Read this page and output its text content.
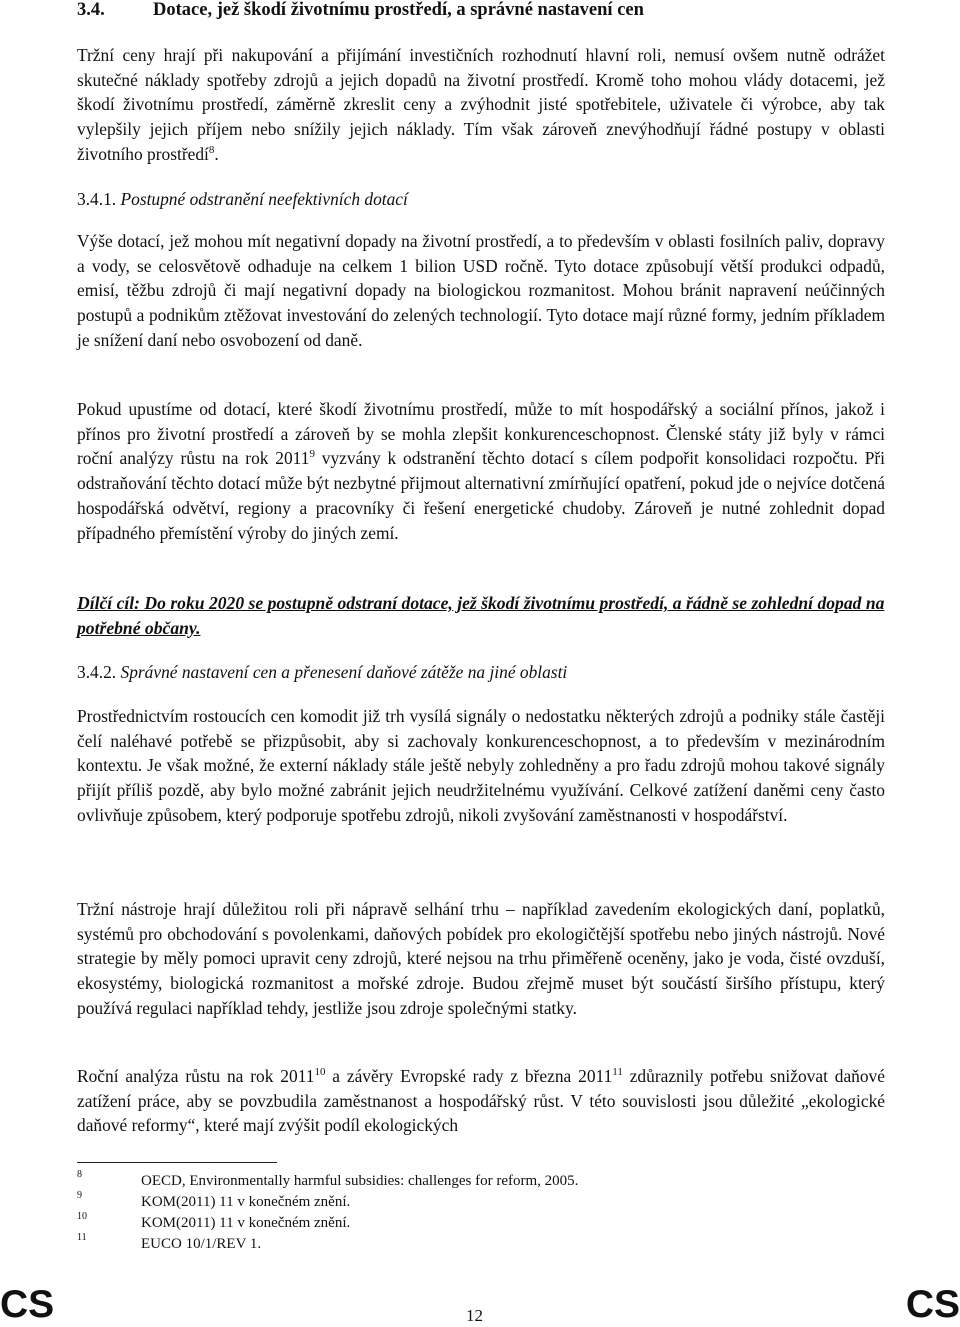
3.4.	Dotace, jež škodí životnímu prostředí, a správné nastavení cen

Tržní ceny hrají při nakupování a přijímání investičních rozhodnutí hlavní roli, nemusí ovšem nutně odrážet skutečné náklady spotřeby zdrojů a jejich dopadů na životní prostředí. Kromě toho mohou vlády dotacemi, jež škodí životnímu prostředí, záměrně zkreslit ceny a zvýhodnit jisté spotřebitele, uživatele či výrobce, aby tak vylepšily jejich příjem nebo snížily jejich náklady. Tím však zároveň znevýhodňují řádné postupy v oblasti životního prostředí$^8$.

3.4.1. Postupné odstranění neefektivních dotací

Výše dotací, jež mohou mít negativní dopady na životní prostředí, a to především v oblasti fosilních paliv, dopravy a vody, se celosvětově odhaduje na celkem 1 bilion USD ročně. Tyto dotace způsobují větší produkci odpadů, emisí, těžbu zdrojů či mají negativní dopady na biologickou rozmanitost. Mohou bránit napravení neúčinných postupů a podnikům ztěžovat investování do zelených technologií. Tyto dotace mají různé formy, jedním příkladem je snížení daní nebo osvobození od daně.

Pokud upustíme od dotací, které škodí životnímu prostředí, může to mít hospodářský a sociální přínos, jakož i přínos pro životní prostředí a zároveň by se mohla zlepšit konkurenceschopnost. Členské státy již byly v rámci roční analýzy růstu na rok 2011$^9$ vyzvány k odstranění těchto dotací s cílem podpořit konsolidaci rozpočtu. Při odstraňování těchto dotací může být nezbytné přijmout alternativní zmírňující opatření, pokud jde o nejvíce dotčená hospodářská odvětví, regiony a pracovníky či řešení energetické chudoby. Zároveň je nutné zohlednit dopad případného přemístění výroby do jiných zemí.

Dílčí cíl: Do roku 2020 se postupně odstraní dotace, jež škodí životnímu prostředí, a řádně se zohlední dopad na potřebné občany.

3.4.2. Správné nastavení cen a přenesení daňové zátěže na jiné oblasti

Prostřednictvím rostoucích cen komodit již trh vysílá signály o nedostatku některých zdrojů a podniky stále častěji čelí naléhavé potřebě se přizpůsobit, aby si zachovaly konkurenceschopnost, a to především v mezinárodním kontextu. Je však možné, že externí náklady stále ještě nebyly zohledněny a pro řadu zdrojů mohou takové signály přijít příliš pozdě, aby bylo možné zabránit jejich neudržitelnému využívání. Celkové zatížení daněmi ceny často ovlivňuje způsobem, který podporuje spotřebu zdrojů, nikoli zvyšování zaměstnanosti v hospodářství.

Tržní nástroje hrají důležitou roli při nápravě selhání trhu – například zavedením ekologických daní, poplatků, systémů pro obchodování s povolenkami, daňových pobídek pro ekologičtější spotřebu nebo jiných nástrojů. Nové strategie by měly pomoci upravit ceny zdrojů, které nejsou na trhu přiměřeně oceněny, jako je voda, čisté ovzduší, ekosystémy, biologická rozmanitost a mořské zdroje. Budou zřejmě muset být součástí širšího přístupu, který používá regulaci například tehdy, jestliže jsou zdroje společnými statky.

Roční analýza růstu na rok 2011$^{10}$ a závěry Evropské rady z března 2011$^{11}$ zdůraznily potřebu snižovat daňové zatížení práce, aby se povzbudila zaměstnanost a hospodářský růst. V této souvislosti jsou důležité „ekologické daňové reformy“, které mají zvýšit podíl ekologických

8	OECD, Environmentally harmful subsidies: challenges for reform, 2005.
9	KOM(2011) 11 v konečném znění.
10	KOM(2011) 11 v konečném znění.
11	EUCO 10/1/REV 1.
CS	12	CS
